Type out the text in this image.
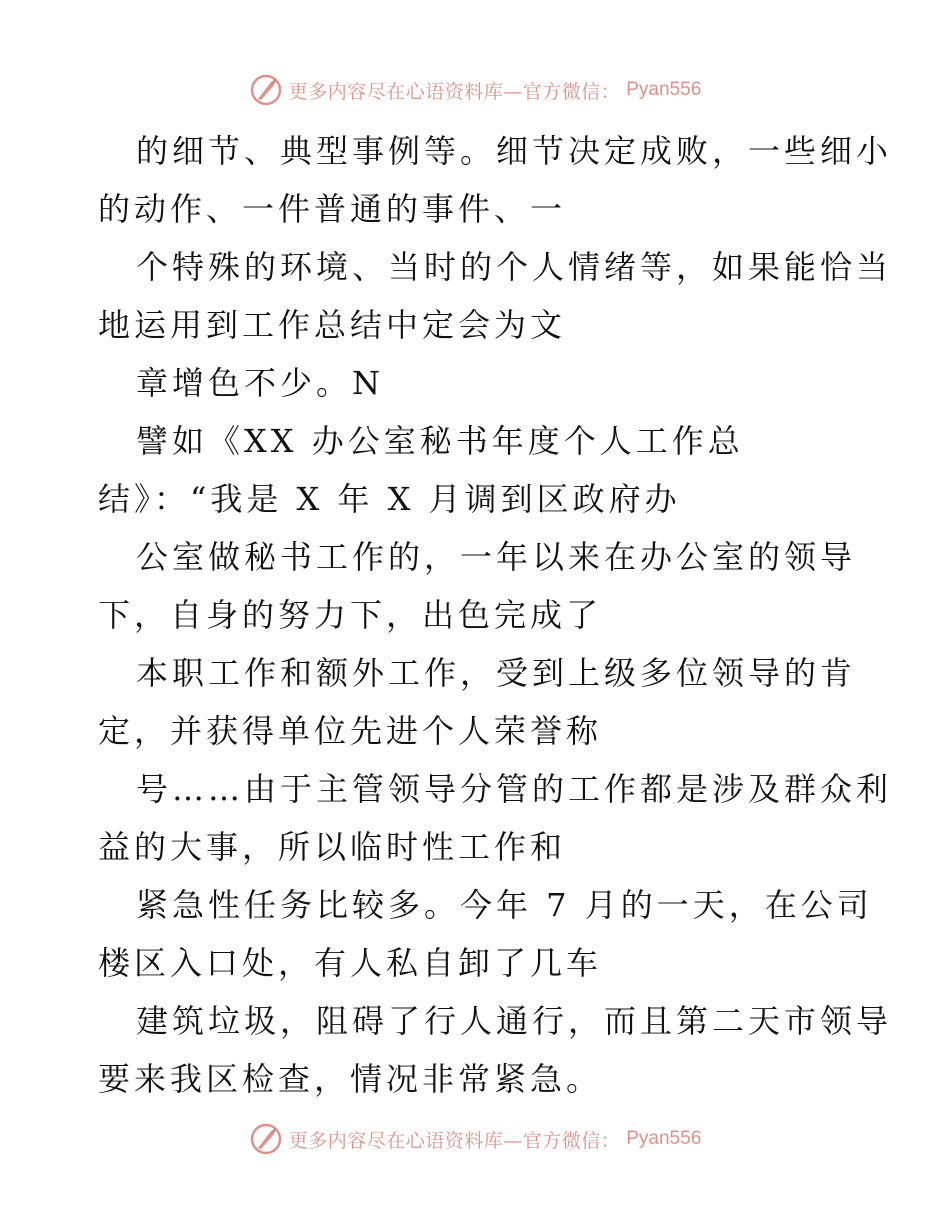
更多内容尽在心语资料库—官方微信： Pyan556
的细节、典型事例等。细节决定成败，一些细小
的动作、一件普通的事件、一
个特殊的环境、当时的个人情绪等，如果能恰当
地运用到工作总结中定会为文
章增色不少。N
譬如《XX 办公室秘书年度个人工作总
结》：“我是 X 年 X 月调到区政府办
公室做秘书工作的，一年以来在办公室的领导
下，自身的努力下，出色完成了
本职工作和额外工作，受到上级多位领导的肯
定，并获得单位先进个人荣誉称
号……由于主管领导分管的工作都是涉及群众利
益的大事，所以临时性工作和
紧急性任务比较多。今年 7 月的一天，在公司
楼区入口处，有人私自卸了几车
建筑垃圾，阻碍了行人通行，而且第二天市领导
要来我区检查，情况非常紧急。
更多内容尽在心语资料库—官方微信： Pyan556
